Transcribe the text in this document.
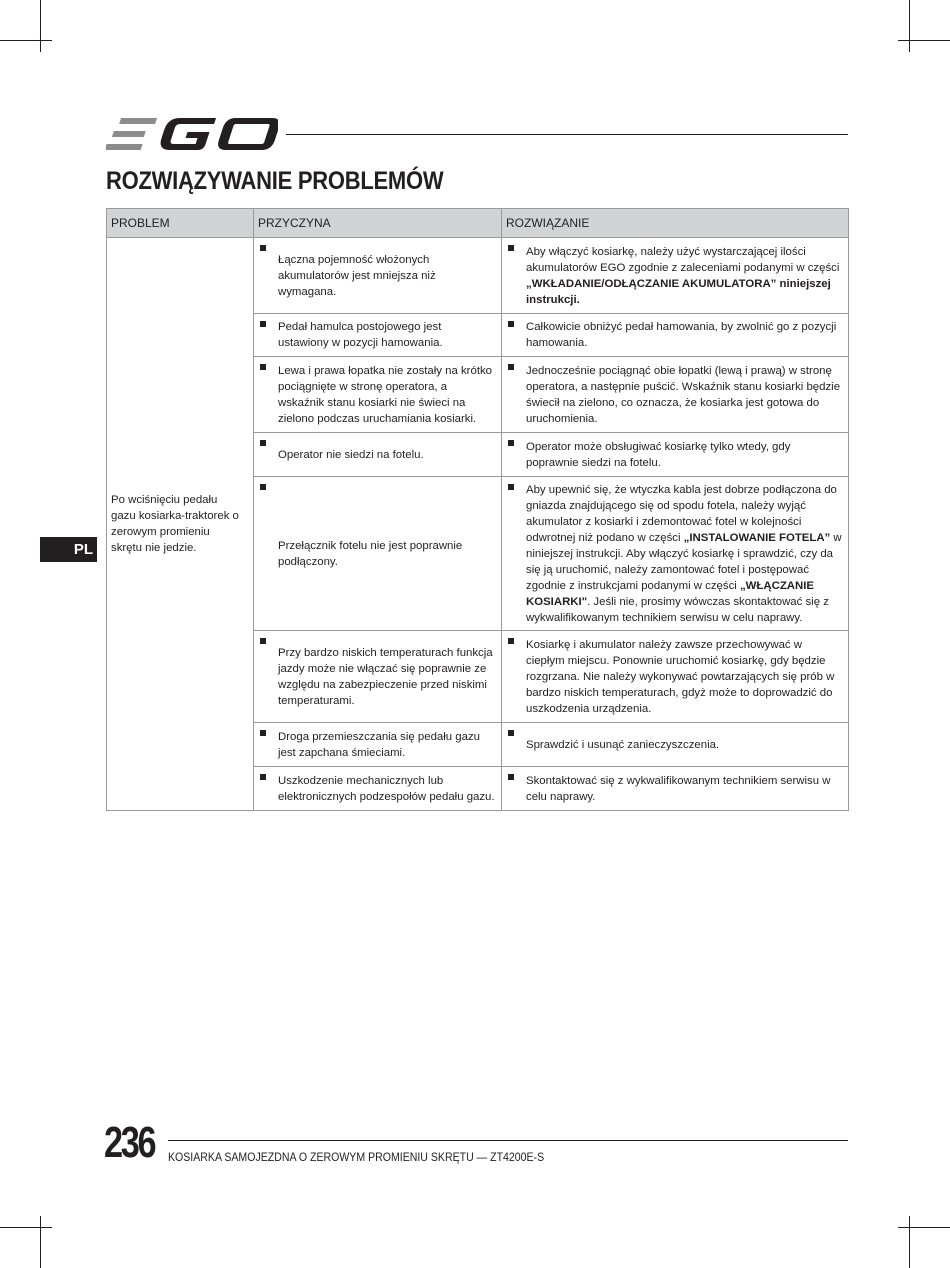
ROZWIĄZYWANIE PROBLEMÓW
PL
PROBLEM	PRZYCZYNA	ROZWIĄZANIE

Po wciśnięciu pedału gazu kosiarka-traktorek o zerowym promieniu skrętu nie jedzie.	Łączna pojemność włożonych akumulatorów jest mniejsza niż wymagana.	Aby włączyć kosiarkę, należy użyć wystarczającej ilości akumulatorów EGO zgodnie z zaleceniami podanymi w części „WKŁADANIE/ODŁĄCZANIE AKUMULATORA” niniejszej instrukcji.

Pedał hamulca postojowego jest ustawiony w pozycji hamowania.	Całkowicie obniżyć pedał hamowania, by zwolnić go z pozycji hamowania.

Lewa i prawa łopatka nie zostały na krótko pociągnięte w stronę operatora, a wskaźnik stanu kosiarki nie świeci na zielono podczas uruchamiania kosiarki.	Jednocześnie pociągnąć obie łopatki (lewą i prawą) w stronę operatora, a następnie puścić. Wskaźnik stanu kosiarki będzie świecił na zielono, co oznacza, że kosiarka jest gotowa do uruchomienia.

Operator nie siedzi na fotelu.	Operator może obsługiwać kosiarkę tylko wtedy, gdy poprawnie siedzi na fotelu.

Przełącznik fotelu nie jest poprawnie podłączony.	Aby upewnić się, że wtyczka kabla jest dobrze podłączona do gniazda znajdującego się od spodu fotela, należy wyjąć akumulator z kosiarki i zdemontować fotel w kolejności odwrotnej niż podano w części „INSTALOWANIE FOTELA” w niniejszej instrukcji. Aby włączyć kosiarkę i sprawdzić, czy da się ją uruchomić, należy zamontować fotel i postępować zgodnie z instrukcjami podanymi w części „WŁĄCZANIE KOSIARKI". Jeśli nie, prosimy wówczas skontaktować się z wykwalifikowanym technikiem serwisu w celu naprawy.

Przy bardzo niskich temperaturach funkcja jazdy może nie włączać się poprawnie ze względu na zabezpieczenie przed niskimi temperaturami.	Kosiarkę i akumulator należy zawsze przechowywać w ciepłym miejscu. Ponownie uruchomić kosiarkę, gdy będzie rozgrzana. Nie należy wykonywać powtarzających się prób w bardzo niskich temperaturach, gdyż może to doprowadzić do uszkodzenia urządzenia.

Droga przemieszczania się pedału gazu jest zapchana śmieciami.	Sprawdzić i usunąć zanieczyszczenia.

Uszkodzenie mechanicznych lub elektronicznych podzespołów pedału gazu.	Skontaktować się z wykwalifikowanym technikiem serwisu w celu naprawy.
236 KOSIARKA SAMOJEZDNA O ZEROWYM PROMIENIU SKRĘTU — ZT4200E-S
